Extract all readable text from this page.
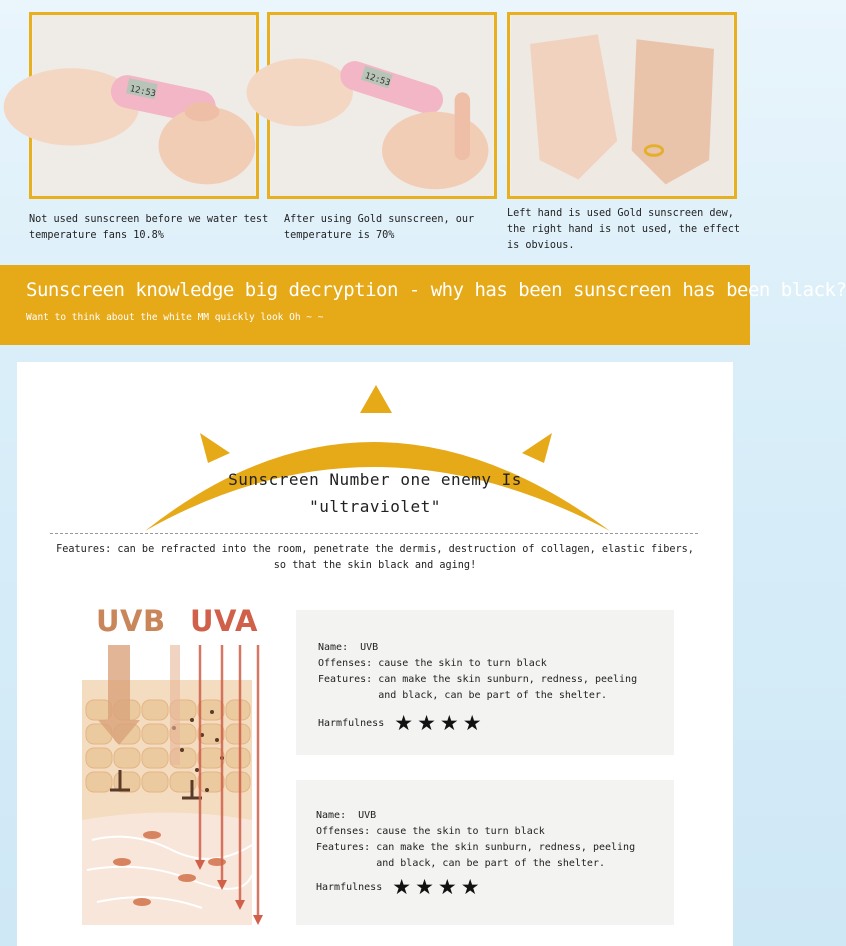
12:53
12:53
Not used sunscreen before we water test
temperature fans 10.8%
After using Gold sunscreen, our
temperature is 70%
Left hand is used Gold sunscreen dew,
the right hand is not used, the effect
is obvious.
Sunscreen knowledge big decryption - why has been sunscreen has been black?
Want to think about the white MM quickly look Oh ~ ~
Sunscreen Number one enemy Is
"ultraviolet"
Features: can be refracted into the room, penetrate the dermis, destruction of collagen, elastic fibers,
so that the skin black and aging!
UVB UVA
Name:  UVB
Offenses: cause the skin to turn black
Features: can make the skin sunburn, redness, peeling
and black, can be part of the shelter.
Harmfulness ★ ★ ★ ★
Name:  UVB
Offenses: cause the skin to turn black
Features: can make the skin sunburn, redness, peeling
and black, can be part of the shelter.
Harmfulness ★ ★ ★ ★
